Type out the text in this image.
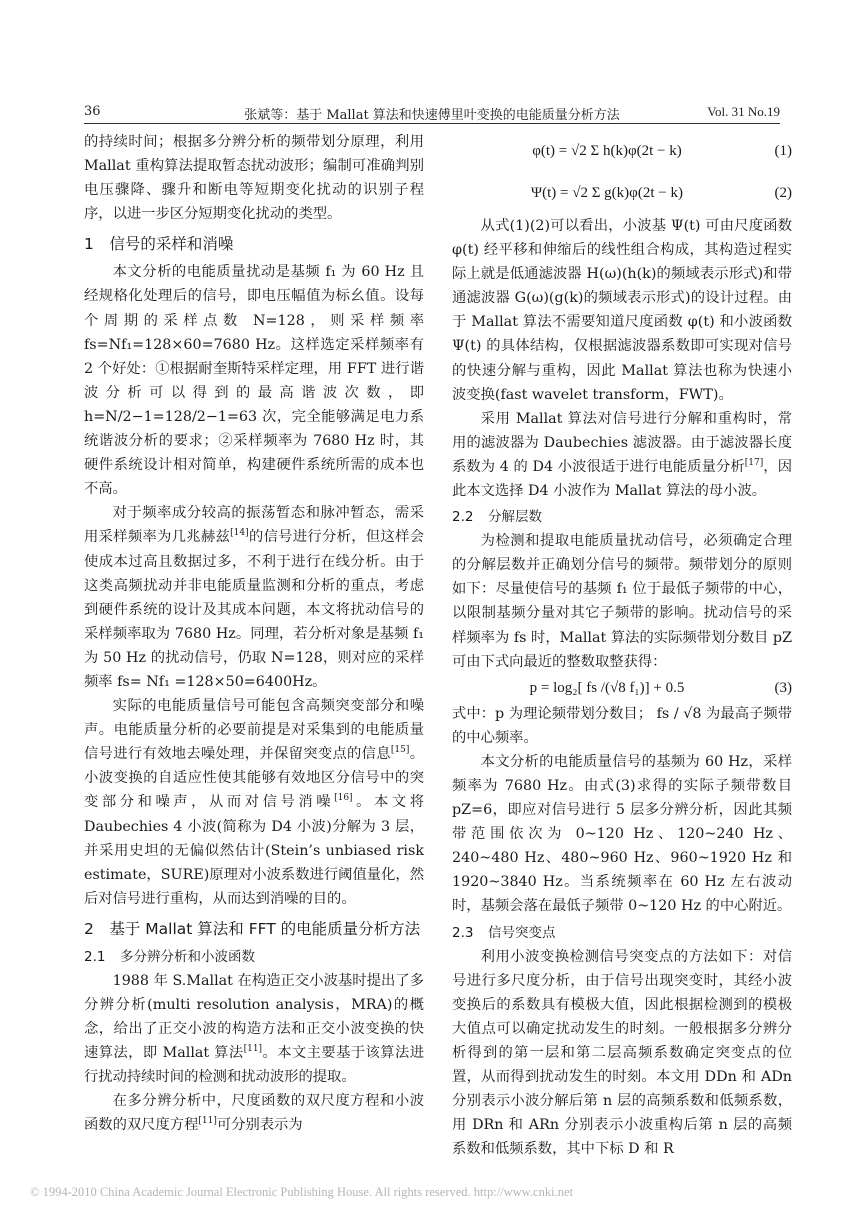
36	张斌等：基于 Mallat 算法和快速傅里叶变换的电能质量分析方法	Vol. 31 No.19

的持续时间；根据多分辨分析的频带划分原理，利用 Mallat 重构算法提取暂态扰动波形；编制可准确判别电压骤降、骤升和断电等短期变化扰动的识别子程序，以进一步区分短期变化扰动的类型。

1　信号的采样和消噪

本文分析的电能质量扰动是基频 f₁ 为 60 Hz 且经规格化处理后的信号，即电压幅值为标幺值。设每个周期的采样点数 N=128，则采样频率 fs=Nf₁=128×60=7680 Hz。这样选定采样频率有 2 个好处：①根据耐奎斯特采样定理，用 FFT 进行谐波分析可以得到的最高谐波次数，即 h=N/2−1=128/2−1=63 次，完全能够满足电力系统谐波分析的要求；②采样频率为 7680 Hz 时，其硬件系统设计相对简单，构建硬件系统所需的成本也不高。

对于频率成分较高的振荡暂态和脉冲暂态，需采用采样频率为几兆赫兹[14]的信号进行分析，但这样会使成本过高且数据过多，不利于进行在线分析。由于这类高频扰动并非电能质量监测和分析的重点，考虑到硬件系统的设计及其成本问题，本文将扰动信号的采样频率取为 7680 Hz。同理，若分析对象是基频 f₁ 为 50 Hz 的扰动信号，仍取 N=128，则对应的采样频率 fs= Nf₁ =128×50=6400Hz。

实际的电能质量信号可能包含高频突变部分和噪声。电能质量分析的必要前提是对采集到的电能质量信号进行有效地去噪处理，并保留突变点的信息[15]。小波变换的自适应性使其能够有效地区分信号中的突变部分和噪声，从而对信号消噪[16]。本文将 Daubechies 4 小波(简称为 D4 小波)分解为 3 层，并采用史坦的无偏似然估计(Stein’s unbiased risk estimate，SURE)原理对小波系数进行阈值量化，然后对信号进行重构，从而达到消噪的目的。

2　基于 Mallat 算法和 FFT 的电能质量分析方法
2.1 多分辨分析和小波函数

1988 年 S.Mallat 在构造正交小波基时提出了多分辨分析(multi resolution analysis，MRA)的概念，给出了正交小波的构造方法和正交小波变换的快速算法，即 Mallat 算法[11]。本文主要基于该算法进行扰动持续时间的检测和扰动波形的提取。

在多分辨分析中，尺度函数的双尺度方程和小波函数的双尺度方程[11]可分别表示为

φ(t) = √2 Σ h(k)φ(2t − k)	(1)
Ψ(t) = √2 Σ g(k)φ(2t − k)	(2)

从式(1)(2)可以看出，小波基 Ψ(t) 可由尺度函数 φ(t) 经平移和伸缩后的线性组合构成，其构造过程实际上就是低通滤波器 H(ω)(h(k)的频域表示形式)和带通滤波器 G(ω)(g(k)的频域表示形式)的设计过程。由于 Mallat 算法不需要知道尺度函数 φ(t) 和小波函数 Ψ(t) 的具体结构，仅根据滤波器系数即可实现对信号的快速分解与重构，因此 Mallat 算法也称为快速小波变换(fast wavelet transform，FWT)。

采用 Mallat 算法对信号进行分解和重构时，常用的滤波器为 Daubechies 滤波器。由于滤波器长度系数为 4 的 D4 小波很适于进行电能质量分析[17]，因此本文选择 D4 小波作为 Mallat 算法的母小波。

2.2 分解层数

为检测和提取电能质量扰动信号，必须确定合理的分解层数并正确划分信号的频带。频带划分的原则如下：尽量使信号的基频 f₁ 位于最低子频带的中心，以限制基频分量对其它子频带的影响。扰动信号的采样频率为 fs 时，Mallat 算法的实际频带划分数目 pZ 可由下式向最近的整数取整获得：

p = log₂[ fs /(√8 f₁)] + 0.5	(3)

式中：p 为理论频带划分数目； fs / √8 为最高子频带的中心频率。

本文分析的电能质量信号的基频为 60 Hz，采样频率为 7680 Hz。由式(3)求得的实际子频带数目 pZ=6，即应对信号进行 5 层多分辨分析，因此其频带范围依次为 0~120 Hz、120~240 Hz、240~480 Hz、480~960 Hz、960~1920 Hz 和 1920~3840 Hz。当系统频率在 60 Hz 左右波动时，基频会落在最低子频带 0~120 Hz 的中心附近。

2.3 信号突变点

利用小波变换检测信号突变点的方法如下：对信号进行多尺度分析，由于信号出现突变时，其经小波变换后的系数具有模极大值，因此根据检测到的模极大值点可以确定扰动发生的时刻。一般根据多分辨分析得到的第一层和第二层高频系数确定突变点的位置，从而得到扰动发生的时刻。本文用 DDn 和 ADn 分别表示小波分解后第 n 层的高频系数和低频系数，用 DRn 和 ARn 分别表示小波重构后第 n 层的高频系数和低频系数，其中下标 D 和 R

© 1994-2010 China Academic Journal Electronic Publishing House. All rights reserved. http://www.cnki.net
